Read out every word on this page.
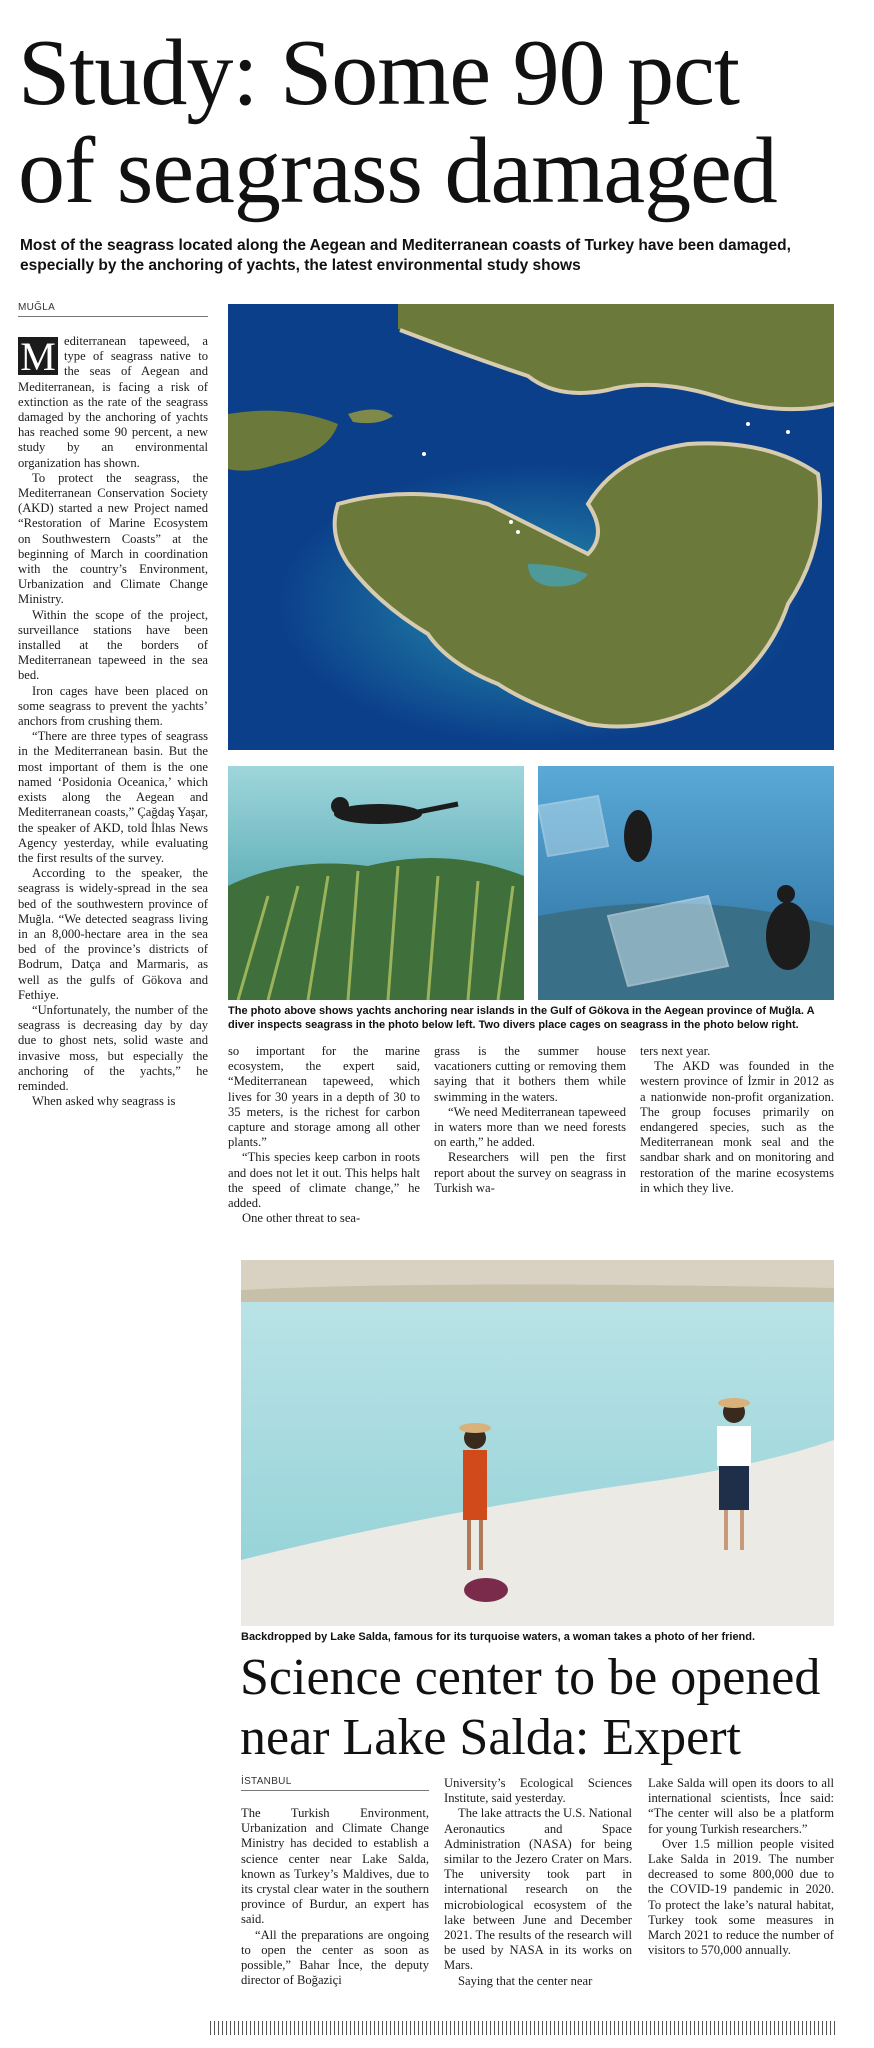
Study: Some 90 pct
of seagrass damaged
Most of the seagrass located along the Aegean and Mediterranean coasts of Turkey have been damaged, especially by the anchoring of yachts, the latest environmental study shows
MUĞLA

M editerranean tapeweed, a type of seagrass native to the seas of Aegean and Mediterranean, is facing a risk of extinction as the rate of the seagrass damaged by the anchoring of yachts has reached some 90 percent, a new study by an environmental organization has shown.

To protect the seagrass, the Mediterranean Conservation Society (AKD) started a new Project named “Restoration of Marine Ecosystem on Southwestern Coasts” at the beginning of March in coordination with the country’s Environment, Urbanization and Climate Change Ministry.

Within the scope of the project, surveillance stations have been installed at the borders of Mediterranean tapeweed in the sea bed.

Iron cages have been placed on some seagrass to prevent the yachts’ anchors from crushing them.

“There are three types of seagrass in the Mediterranean basin. But the most important of them is the one named ‘Posidonia Oceanica,’ which exists along the Aegean and Mediterranean coasts,” Çağdaş Yaşar, the speaker of AKD, told İhlas News Agency yesterday, while evaluating the first results of the survey.

According to the speaker, the seagrass is widely-spread in the sea bed of the southwestern province of Muğla. “We detected seagrass living in an 8,000-hectare area in the sea bed of the province’s districts of Bodrum, Datça and Marmaris, as well as the gulfs of Gökova and Fethiye.

“Unfortunately, the number of the seagrass is decreasing day by day due to ghost nets, solid waste and invasive moss, but especially the anchoring of the yachts,” he reminded.

When asked why seagrass is

The photo above shows yachts anchoring near islands in the Gulf of Gökova in the Aegean province of Muğla. A diver inspects seagrass in the photo below left. Two divers place cages on seagrass in the photo below right.

so important for the marine ecosystem, the expert said, “Mediterranean tapeweed, which lives for 30 years in a depth of 30 to 35 meters, is the richest for carbon capture and storage among all other plants.”

“This species keep carbon in roots and does not let it out. This helps halt the speed of climate change,” he added.

One other threat to sea-

grass is the summer house vacationers cutting or removing them saying that it bothers them while swimming in the waters.

“We need Mediterranean tapeweed in waters more than we need forests on earth,” he added.

Researchers will pen the first report about the survey on seagrass in Turkish wa-

ters next year.

The AKD was founded in the western province of İzmir in 2012 as a nationwide non-profit organization. The group focuses primarily on endangered species, such as the Mediterranean monk seal and the sandbar shark and on monitoring and restoration of the marine ecosystems in which they live.

Backdropped by Lake Salda, famous for its turquoise waters, a woman takes a photo of her friend.
Science center to be opened
near Lake Salda: Expert
İSTANBUL

The Turkish Environment, Urbanization and Climate Change Ministry has decided to establish a science center near Lake Salda, known as Turkey’s Maldives, due to its crystal clear water in the southern province of Burdur, an expert has said.

“All the preparations are ongoing to open the center as soon as possible,” Bahar İnce, the deputy director of Boğaziçi

University’s Ecological Sciences Institute, said yesterday.

The lake attracts the U.S. National Aeronautics and Space Administration (NASA) for being similar to the Jezero Crater on Mars. The university took part in international research on the microbiological ecosystem of the lake between June and December 2021. The results of the research will be used by NASA in its works on Mars.

Saying that the center near

Lake Salda will open its doors to all international scientists, İnce said: “The center will also be a platform for young Turkish researchers.”

Over 1.5 million people visited Lake Salda in 2019. The number decreased to some 800,000 due to the COVID-19 pandemic in 2020. To protect the lake’s natural habitat, Turkey took some measures in March 2021 to reduce the number of visitors to 570,000 annually.
